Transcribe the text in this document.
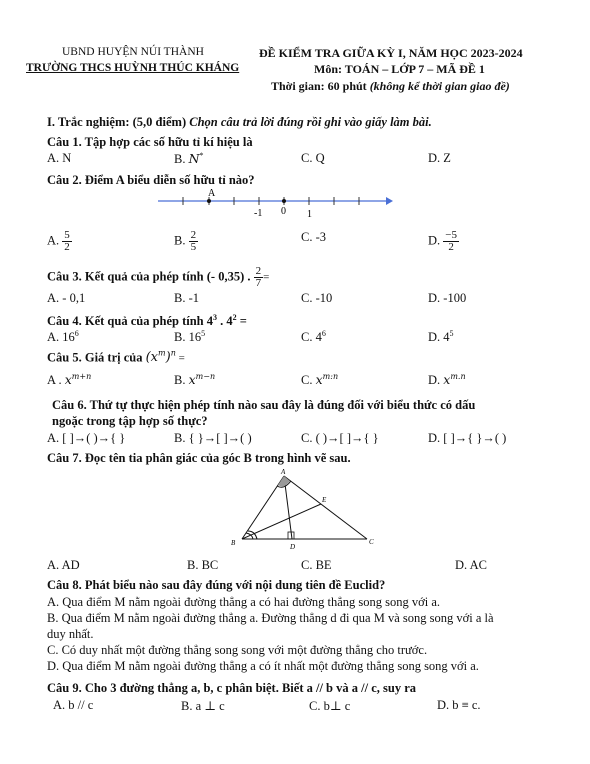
UBND HUYỆN NÚI THÀNH
TRƯỜNG THCS HUỲNH THÚC KHÁNG
ĐỀ KIỂM TRA GIỮA KỲ I, NĂM HỌC 2023-2024
Môn: TOÁN – LỚP 7 – MÃ ĐỀ 1
Thời gian: 60 phút (không kể thời gian giao đề)
I. Trắc nghiệm: (5,0 điểm) Chọn câu trả lời đúng rồi ghi vào giấy làm bài.
Câu 1. Tập hợp các số hữu tỉ kí hiệu là
A. N	B. N*	C. Q	D. Z
Câu 2. Điểm A biểu diễn số hữu tỉ nào?
A
-1 0 1
A. $\frac{5}{2}$	B. $\frac{2}{5}$	C. -3	D. $\frac{-5}{2}$
Câu 3. Kết quả của phép tính (- 0,35) . $\frac{2}{7}$ =
A. - 0,1	B. -1	C. -10	D. -100
Câu 4. Kết quả của phép tính $4^3$ . $4^2$ =
A. $16^6$	B. $16^5$	C. $4^6$	D. $4^5$
Câu 5. Giá trị của $(x^m)^n$ =
A . $x^{m+n}$	B. $x^{m-n}$	C. $x^{m:n}$	D. $x^{m.n}$
Câu 6. Thứ tự thực hiện phép tính nào sau đây là đúng đối với biểu thức có dấu
ngoặc trong tập hợp số thực?
A. [ ]→( )→{ }	B. { }→[ ]→( )	C. ( )→[ ]→{ }	D. [ ]→{ }→( )
Câu 7. Đọc tên tia phân giác của góc B trong hình vẽ sau.
A
B	C
D
E
A. AD	B. BC	C. BE	D. AC
Câu 8. Phát biểu nào sau đây đúng với nội dung tiên đề Euclid?
A. Qua điểm M nằm ngoài đường thẳng a có hai đường thẳng song song với a.
B. Qua điểm M nằm ngoài đường thẳng a. Đường thẳng d đi qua M và song song với a là
duy nhất.
C. Có duy nhất một đường thẳng song song với một đường thẳng cho trước.
D. Qua điểm M nằm ngoài đường thẳng a có ít nhất một đường thẳng song song với a.
Câu 9. Cho 3 đường thẳng a, b, c phân biệt. Biết a // b và a // c, suy ra
A. b // c	B. a ⊥ c	C. b⊥ c	D. b ≡ c.
